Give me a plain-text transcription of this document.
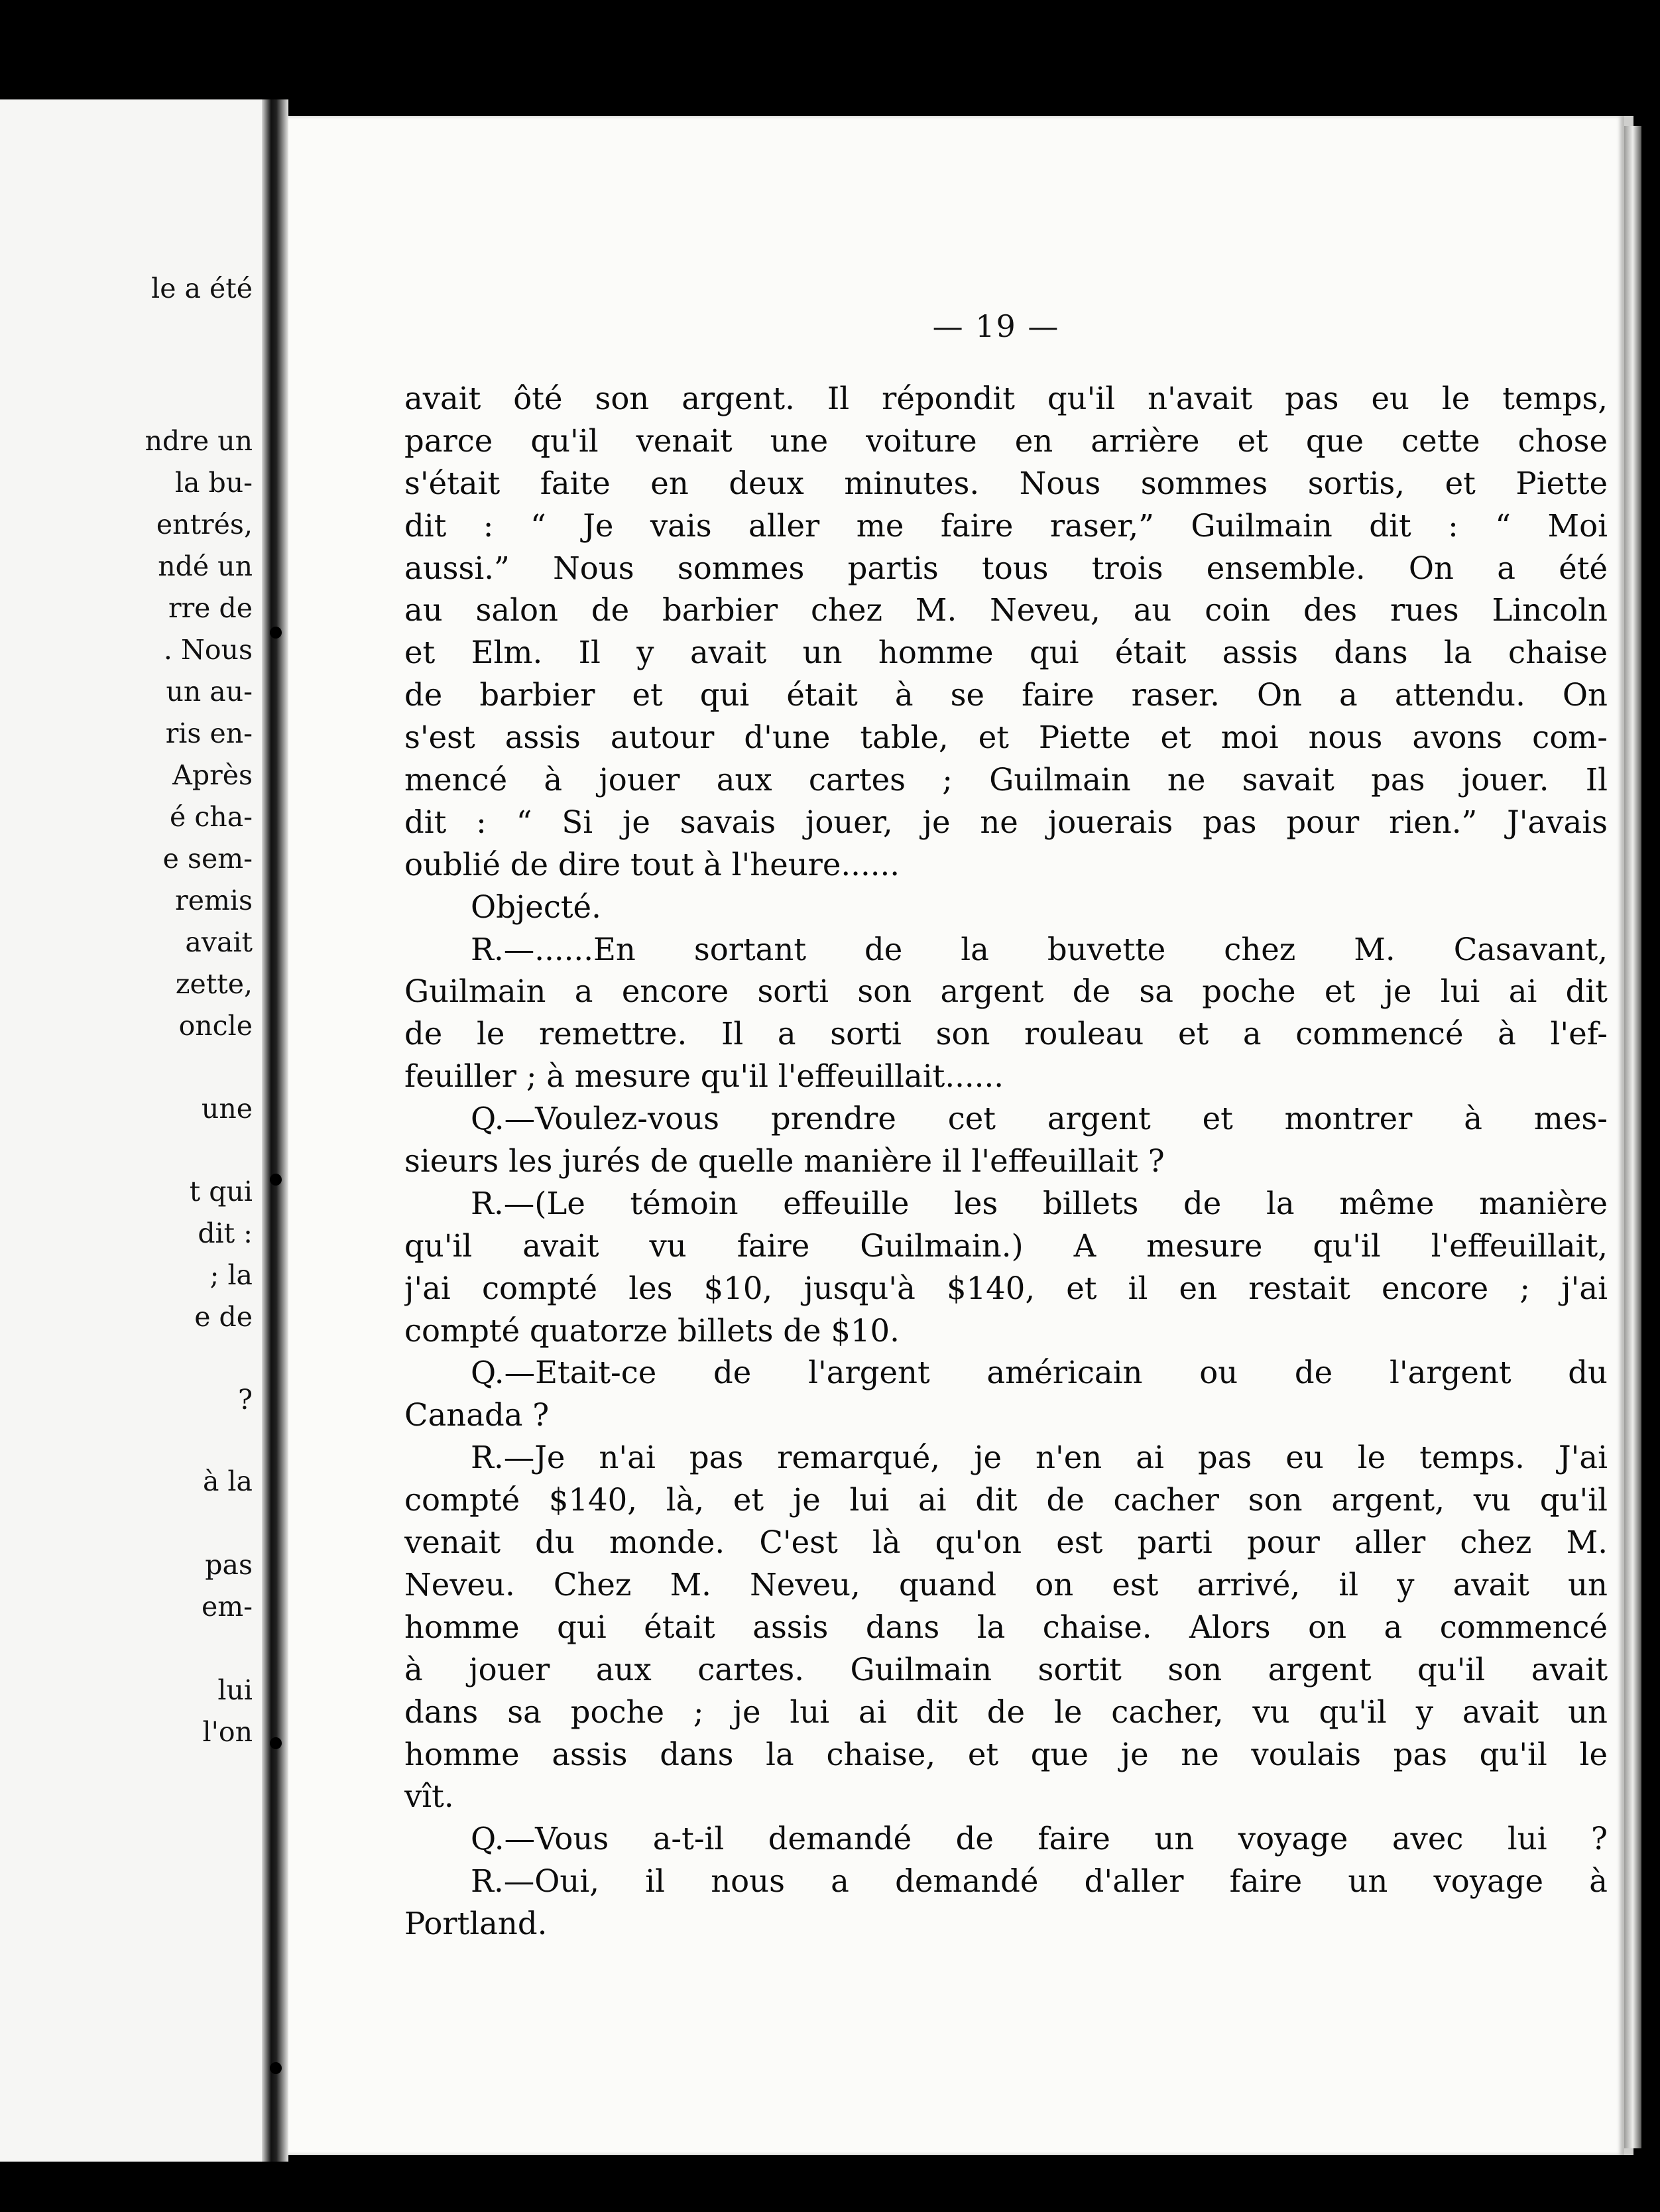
le a été
ndre un
la bu-
entrés,
ndé un
rre de
. Nous
un au-
ris en-
Après
é cha-
e sem-
remis
avait
zette,
oncle
une
t qui
dit :
; la
e de
?
à la
pas
em-
lui
l'on
— 19 —
avait ôté son argent. Il répondit qu'il n'avait pas eu le temps,
parce qu'il venait une voiture en arrière et que cette chose
s'était faite en deux minutes. Nous sommes sortis, et Piette
dit : “ Je vais aller me faire raser,” Guilmain dit : “ Moi
aussi.” Nous sommes partis tous trois ensemble. On a été
au salon de barbier chez M. Neveu, au coin des rues Lincoln
et Elm. Il y avait un homme qui était assis dans la chaise
de barbier et qui était à se faire raser. On a attendu. On
s'est assis autour d'une table, et Piette et moi nous avons com-
mencé à jouer aux cartes ; Guilmain ne savait pas jouer. Il
dit : “ Si je savais jouer, je ne jouerais pas pour rien.” J'avais
oublié de dire tout à l'heure......
Objecté.
R.—......En sortant de la buvette chez M. Casavant,
Guilmain a encore sorti son argent de sa poche et je lui ai dit
de le remettre. Il a sorti son rouleau et a commencé à l'ef-
feuiller ; à mesure qu'il l'effeuillait......
Q.—Voulez-vous prendre cet argent et montrer à mes-
sieurs les jurés de quelle manière il l'effeuillait ?
R.—(Le témoin effeuille les billets de la même manière
qu'il avait vu faire Guilmain.) A mesure qu'il l'effeuillait,
j'ai compté les $10, jusqu'à $140, et il en restait encore ; j'ai
compté quatorze billets de $10.
Q.—Etait-ce de l'argent américain ou de l'argent du
Canada ?
R.—Je n'ai pas remarqué, je n'en ai pas eu le temps. J'ai
compté $140, là, et je lui ai dit de cacher son argent, vu qu'il
venait du monde. C'est là qu'on est parti pour aller chez M.
Neveu. Chez M. Neveu, quand on est arrivé, il y avait un
homme qui était assis dans la chaise. Alors on a commencé
à jouer aux cartes. Guilmain sortit son argent qu'il avait
dans sa poche ; je lui ai dit de le cacher, vu qu'il y avait un
homme assis dans la chaise, et que je ne voulais pas qu'il le
vît.
Q.—Vous a-t-il demandé de faire un voyage avec lui ?
R.—Oui, il nous a demandé d'aller faire un voyage à
Portland.
